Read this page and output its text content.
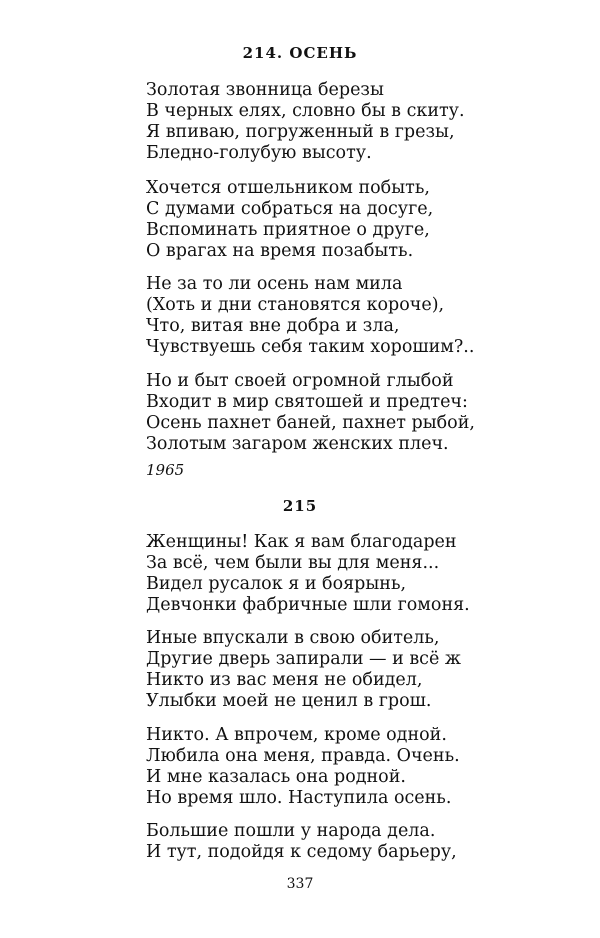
214. ОСЕНЬ
Золотая звонница березы
В черных елях, словно бы в скиту.
Я впиваю, погруженный в грезы,
Бледно-голубую высоту.
Хочется отшельником побыть,
С думами собраться на досуге,
Вспоминать приятное о друге,
О врагах на время позабыть.
Не за то ли осень нам мила
(Хоть и дни становятся короче),
Что, витая вне добра и зла,
Чувствуешь себя таким хорошим?..
Но и быт своей огромной глыбой
Входит в мир святошей и предтеч:
Осень пахнет баней, пахнет рыбой,
Золотым загаром женских плеч.

1965

215
Женщины! Как я вам благодарен
За всё, чем были вы для меня...
Видел русалок я и боярынь,
Девчонки фабричные шли гомоня.
Иные впускали в свою обитель,
Другие дверь запирали — и всё ж
Никто из вас меня не обидел,
Улыбки моей не ценил в грош.
Никто. А впрочем, кроме одной.
Любила она меня, правда. Очень.
И мне казалась она родной.
Но время шло. Наступила осень.
Большие пошли у народа дела.
И тут, подойдя к седому барьеру,

337
